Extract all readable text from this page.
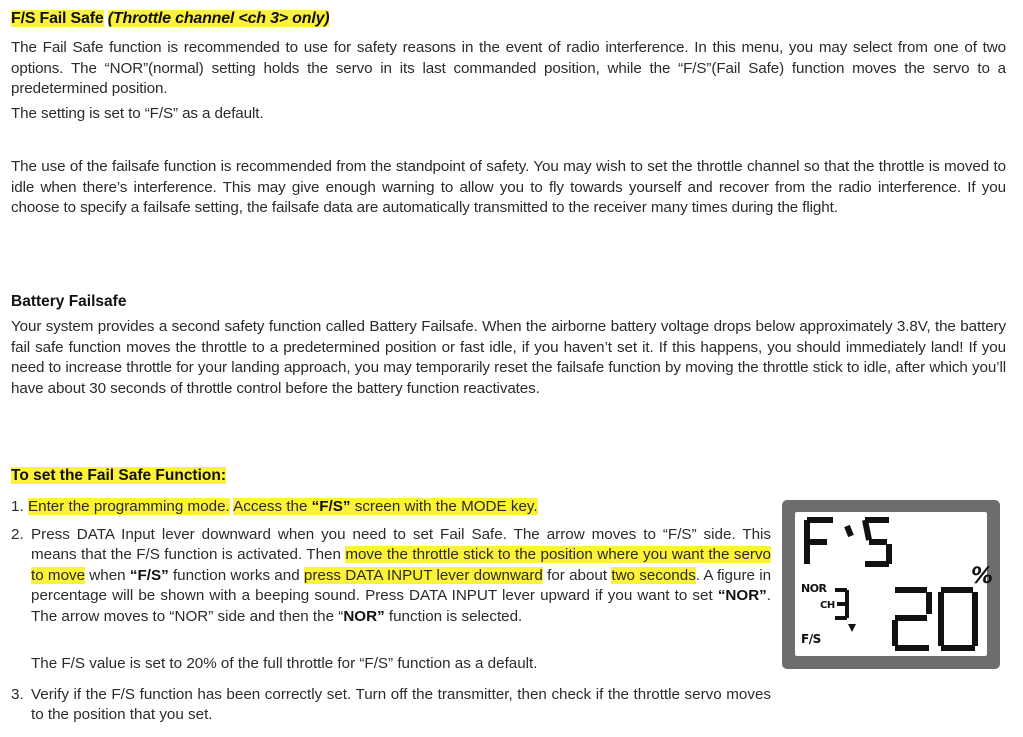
F/S Fail Safe (Throttle channel <ch 3> only)

The Fail Safe function is recommended to use for safety reasons in the event of radio interference. In this menu, you may select from one of two options. The “NOR”(normal) setting holds the servo in its last commanded position, while the “F/S”(Fail Safe) function moves the servo to a predetermined position.

The setting is set to “F/S” as a default.

The use of the failsafe function is recommended from the standpoint of safety. You may wish to set the throttle channel so that the throttle is moved to idle when there’s interference. This may give enough warning to allow you to fly towards yourself and recover from the radio interference. If you choose to specify a failsafe setting, the failsafe data are automatically transmitted to the receiver many times during the flight.

Battery Failsafe

Your system provides a second safety function called Battery Failsafe. When the airborne battery voltage drops below approximately 3.8V, the battery fail safe function moves the throttle to a predetermined position or fast idle, if you haven’t set it. If this happens, you should immediately land! If you need to increase throttle for your landing approach, you may temporarily reset the failsafe function by moving the throttle stick to idle, after which you’ll have about 30 seconds of throttle control before the battery function reactivates.

To set the Fail Safe Function:
1. Enter the programming mode. Access the “F/S” screen with the MODE key.
2. Press DATA Input lever downward when you need to set Fail Safe. The arrow moves to “F/S” side. This means that the F/S function is activated. Then move the throttle stick to the position where you want the servo to move when “F/S” function works and press DATA INPUT lever downward for about two seconds. A figure in percentage will be shown with a beeping sound. Press DATA INPUT lever upward if you want to set “NOR”. The arrow moves to “NOR” side and then the “NOR” function is selected.
The F/S value is set to 20% of the full throttle for “F/S” function as a default.
3. Verify if the F/S function has been correctly set. Turn off the transmitter, then check if the throttle servo moves to the position that you set.
%
NOR
CH
F/S
